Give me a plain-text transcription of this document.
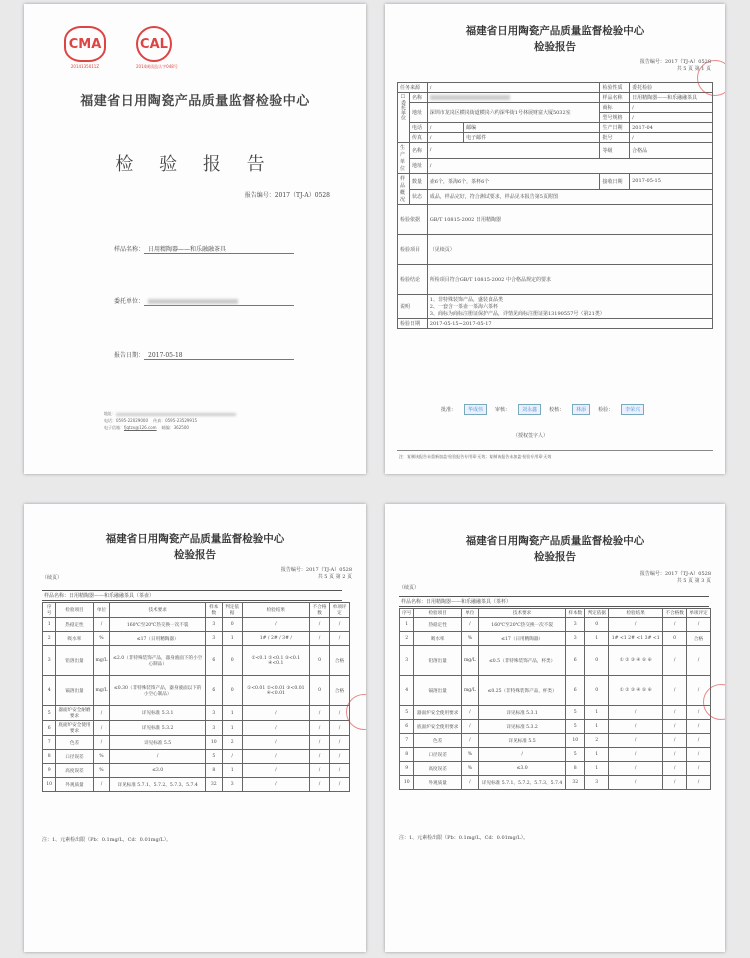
CMA
2014135011Z
CAL
2014闽质监认字048号
福建省日用陶瓷产品质量监督检验中心
检 验 报 告
报告编号：2017（TJ-A）0528
样品名称： 日用精陶器——和乐融融茶具
委托单位：
报告日期： 2017-05-18
地址：
电话：0595-22029000 传真：0595-23529915
电子信箱：fjqtzx@126.com 邮编：362500
福建省日用陶瓷产品质量监督检验中心
检验报告
报告编号：2017（TJ-A）0528
共 5 页 第 1 页
任务来源		/		检验性质	委托检验
☐委托单位	名称			样品名称	日用精陶器——和乐融融茶具
	地址	深圳市龙岗区横岗街道横岗六约深华街1号林展财富大厦5032室		商标	/
				型号规格	/
	电话	/	邮编	生产日期	2017-04
	传真	/	电子邮件	批号	/
生产单位	名称	/		等级	合格品
	地址	/			
样品概况	数量	壶6个，茶海6个，茶杯6个		接收日期	2017-05-15
	状态	成品，样品完好，符合测试要求，样品见本报告第5页附图			
检验依据		GB/T 10815-2002 日用精陶器			
检验项目		（见续页）			
检验结论		所检项目符合GB/T 10815-2002 中合格品规定的要求			
说明		1、非特殊装饰产品，盛装食品类
2、一套含一茶壶一茶海六茶杯
3、商标为商标注册证保护产品，详情见商标注册证第13190557号（第21类）			

检验日期		2017-05-15~2017-05-17			
批准：	华成伟	审核：	刘永鑫	校核：	林添	检验：	李荣兴
（授权签字人）
注：复制该报告未重新加盖'检验报告专用章'无效；复制该报告未加盖'检验专用章'无效
福建省日用陶瓷产品质量监督检验中心
检验报告
报告编号：2017（TJ-A）0528
共 5 页 第 2 页
（续页）
样品名称：日用精陶器——和乐融融茶具（茶壶）
序号	检验项目	单位	技术要求	样本数	判定依据	检验结果	不合格数	单项评定
1	热稳定性	/	160℃至20℃热交换一次不裂	3	0	/	/	/
2	吸水率	%	≤17（日用精陶器）	3	1	1# / 2# / 3# /	/	/
3	铅溶出量	mg/L	≤2.0（非特殊装饰产品，器身液面下的小空心制品）	6	0	①<0.1 ②<0.1 ③<0.1 ④<0.1	0	合格
4	镉溶出量	mg/L	≤0.30（非特殊装饰产品，器身液面以下的小空心制品）	6	0	①<0.01 ②<0.01 ③<0.01 ④<0.01	0	合格
5	器面炉安全耐磨要求	/	详见标准 5.3.1	3	1	/	/	/
6	底面炉安全使用要求	/	详见标准 5.3.2	3	1	/	/	/
7	色差	/	详见标准 5.5	10	2	/	/	/
8	口径误差	%	/	5	/	/	/	/
9	高度误差	%	≤3.0	8	1	/	/	/
10	外观质量	/	详见标准 5.7.1、5.7.2、5.7.3、5.7.4	32	3	/	/	/
注：1、元素检出限（Pb：0.1mg/L，Cd：0.01mg/L）。
福建省日用陶瓷产品质量监督检验中心
检验报告
报告编号：2017（TJ-A）0528
共 5 页 第 3 页
（续页）
样品名称：日用精陶器——和乐融融茶具（茶杯）
序号	检验项目	单位	技术要求	样本数	判定依据	检验结果	不合格数	单项评定
1	热稳定性	/	160℃至20℃热交换一次不裂	3	0	/	/	/
2	吸水率	%	≤17（日用精陶器）	3	1	1# <1 2# <1 3# <1	0	合格
3	铅溶出量	mg/L	≤0.5（非特殊装饰产品，杯类）	6	0	① ② ③ ④ ⑤ ⑥	/	/
4	镉溶出量	mg/L	≤0.25（非特殊装饰产品，杯类）	6	0	① ② ③ ④ ⑤ ⑥	/	/
5	器面炉安全使用要求	/	详见标准 5.3.1	5	1	/	/	/
6	底面炉安全使用要求	/	详见标准 5.3.2	5	1	/	/	/
7	色差	/	详见标准 5.5	10	2	/	/	/
8	口径误差	%	/	5	1	/	/	/
9	高度误差	%	≤3.0	8	1	/	/	/
10	外观质量	/	详见标准 5.7.1、5.7.2、5.7.3、5.7.4	32	3	/	/	/
注：1、元素检出限（Pb：0.1mg/L，Cd：0.01mg/L）。
